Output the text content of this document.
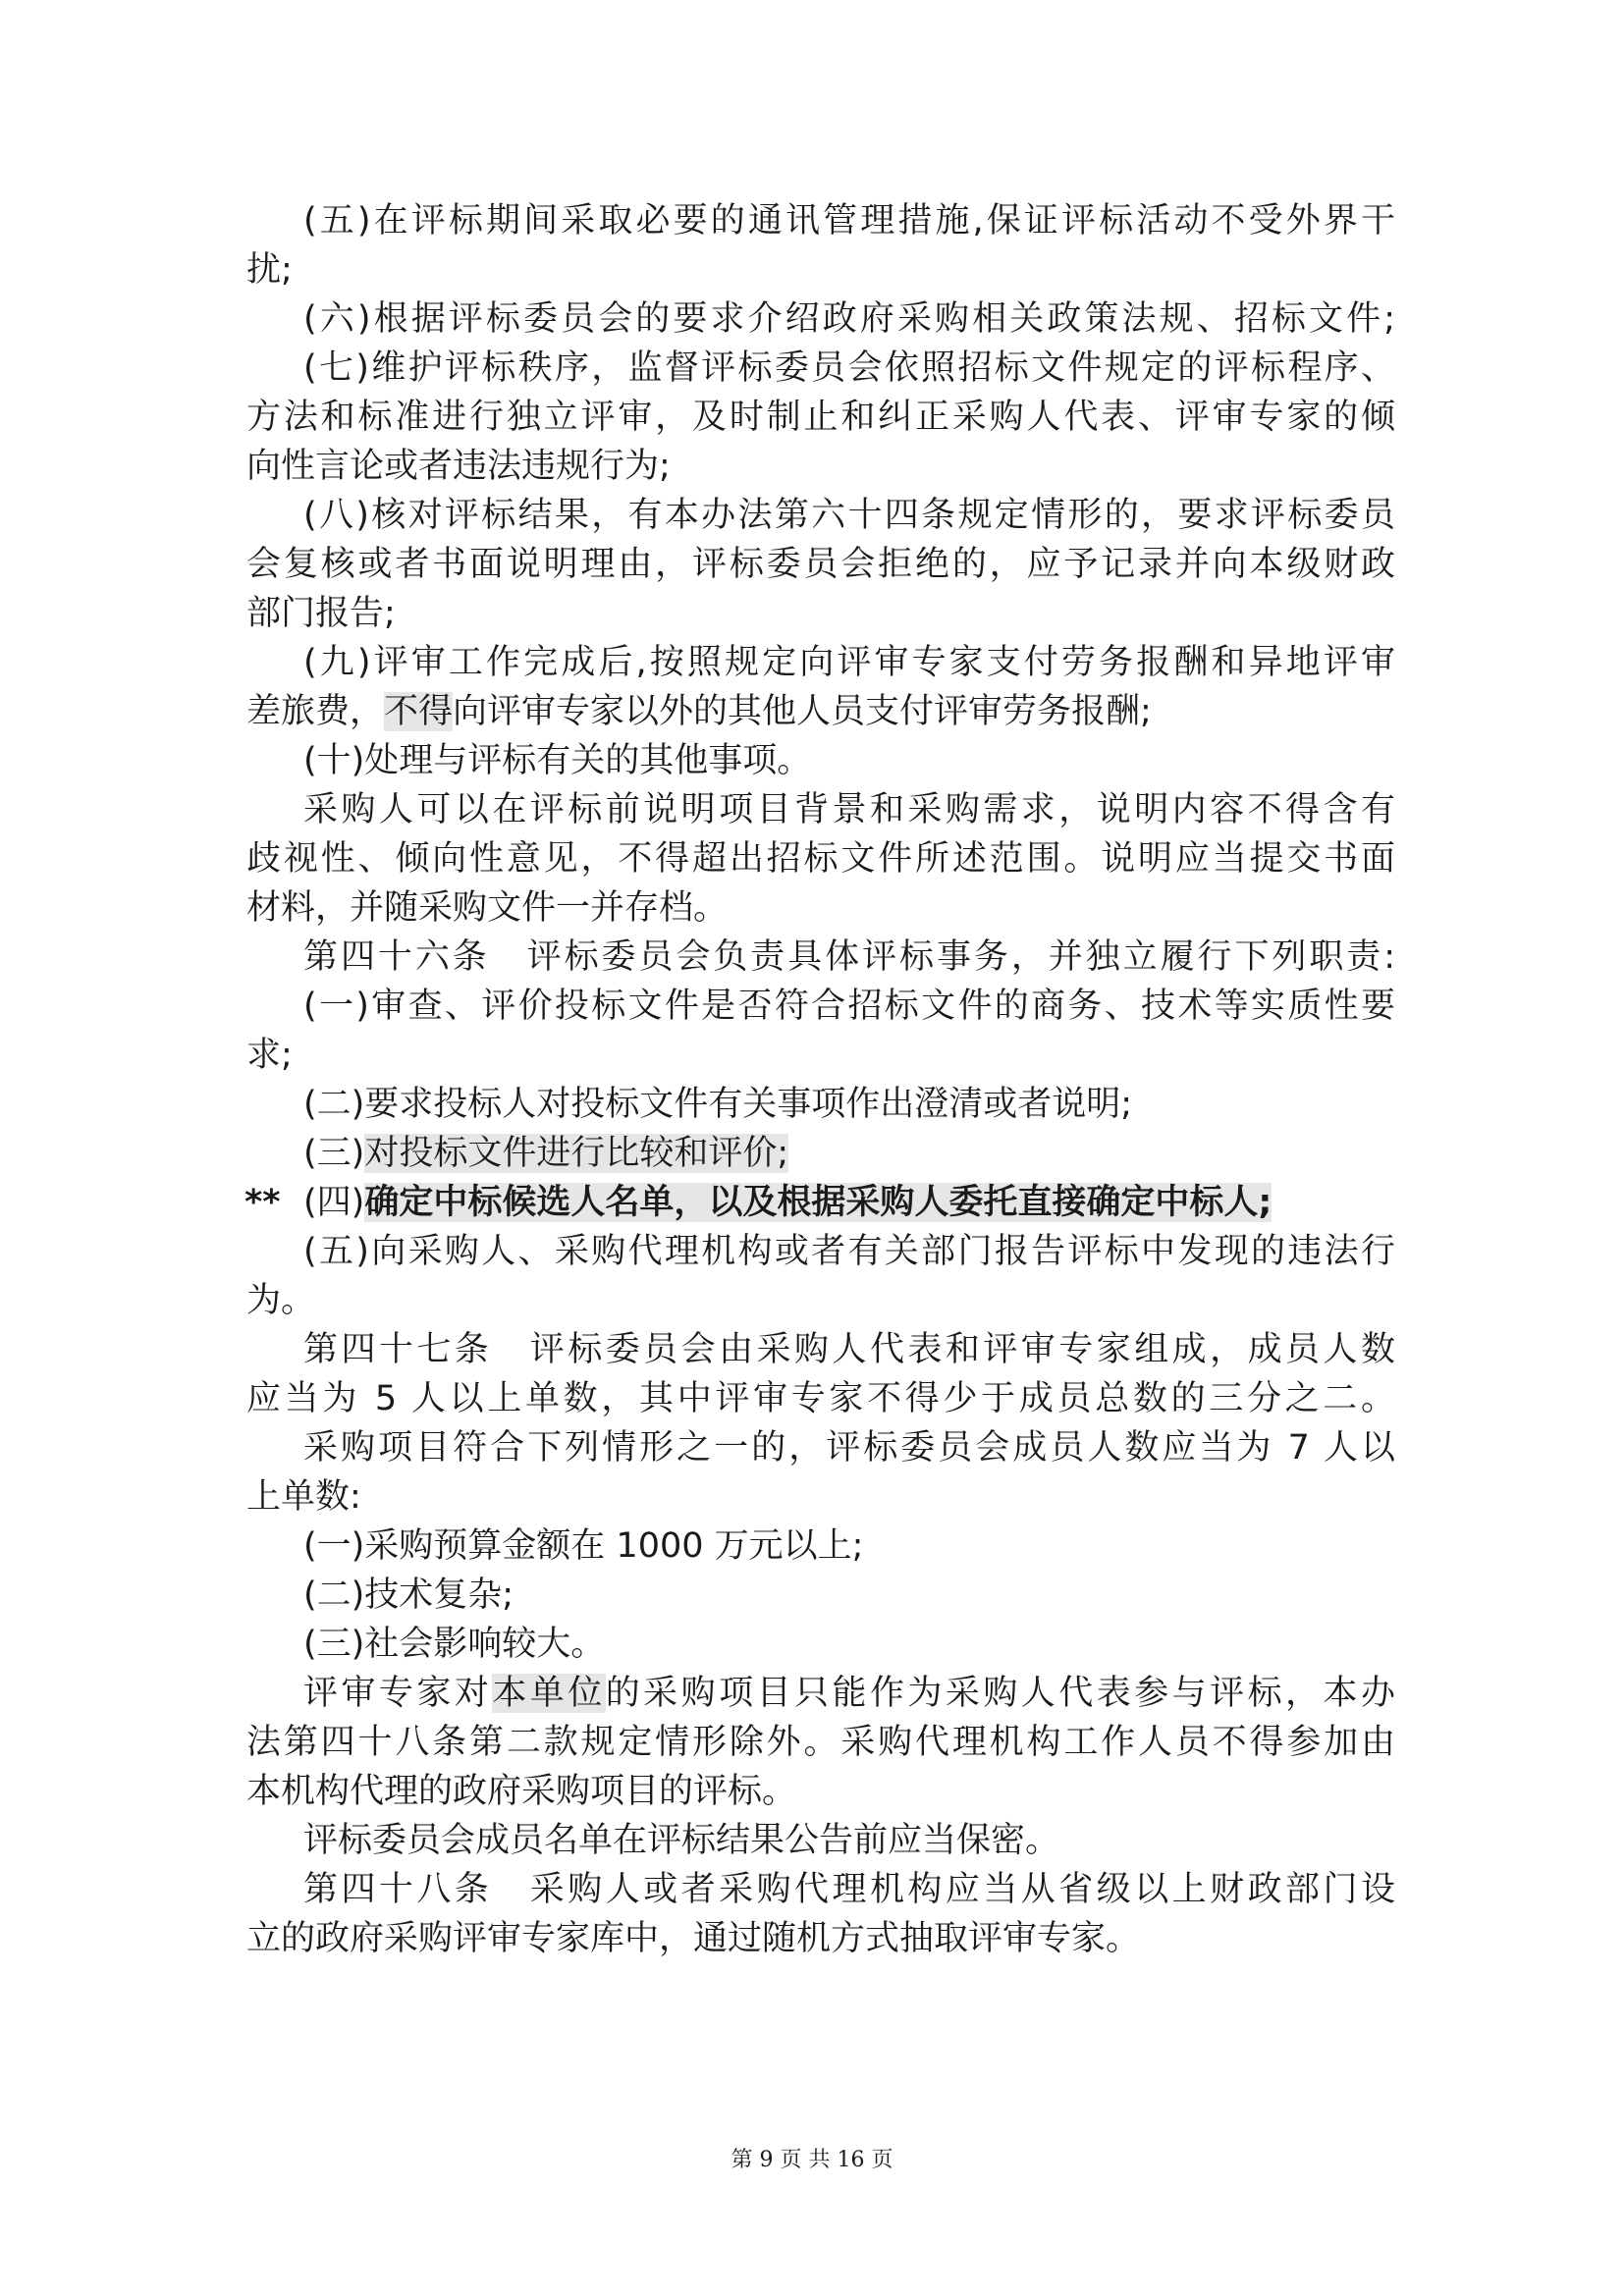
(五)在评标期间采取必要的通讯管理措施,保证评标活动不受外界干
扰;
(六)根据评标委员会的要求介绍政府采购相关政策法规、招标文件;
(七)维护评标秩序，监督评标委员会依照招标文件规定的评标程序、
方法和标准进行独立评审，及时制止和纠正采购人代表、评审专家的倾
向性言论或者违法违规行为;
(八)核对评标结果，有本办法第六十四条规定情形的，要求评标委员
会复核或者书面说明理由，评标委员会拒绝的，应予记录并向本级财政
部门报告;
(九)评审工作完成后,按照规定向评审专家支付劳务报酬和异地评审
差旅费，不得向评审专家以外的其他人员支付评审劳务报酬;
(十)处理与评标有关的其他事项。
采购人可以在评标前说明项目背景和采购需求，说明内容不得含有
歧视性、倾向性意见，不得超出招标文件所述范围。说明应当提交书面
材料，并随采购文件一并存档。
第四十六条　评标委员会负责具体评标事务，并独立履行下列职责:
(一)审查、评价投标文件是否符合招标文件的商务、技术等实质性要
求;
(二)要求投标人对投标文件有关事项作出澄清或者说明;
(三)对投标文件进行比较和评价;
** (四)确定中标候选人名单，以及根据采购人委托直接确定中标人;
(五)向采购人、采购代理机构或者有关部门报告评标中发现的违法行
为。
第四十七条　评标委员会由采购人代表和评审专家组成，成员人数
应当为 5 人以上单数，其中评审专家不得少于成员总数的三分之二。
采购项目符合下列情形之一的，评标委员会成员人数应当为 7 人以
上单数:
(一)采购预算金额在 1000 万元以上;
(二)技术复杂;
(三)社会影响较大。
评审专家对本单位的采购项目只能作为采购人代表参与评标，本办
法第四十八条第二款规定情形除外。采购代理机构工作人员不得参加由
本机构代理的政府采购项目的评标。
评标委员会成员名单在评标结果公告前应当保密。
第四十八条　采购人或者采购代理机构应当从省级以上财政部门设
立的政府采购评审专家库中，通过随机方式抽取评审专家。
第 9 页 共 16 页
